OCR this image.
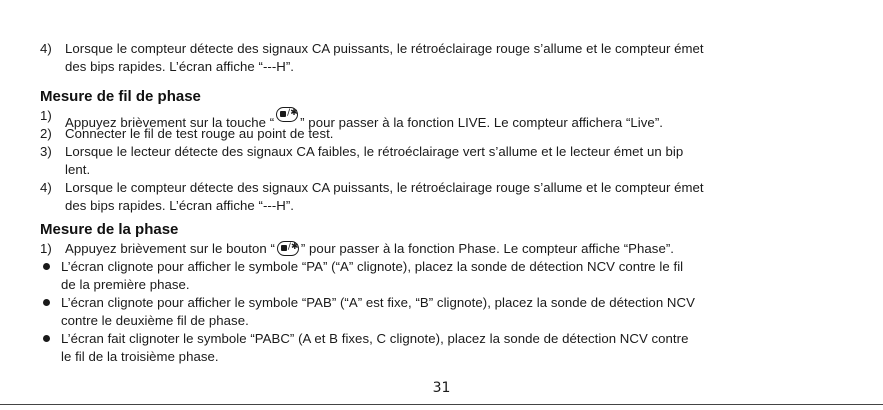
4) Lorsque le compteur détecte des signaux CA puissants, le rétroéclairage rouge s’allume et le compteur émet
des bips rapides. L’écran affiche “---H”.
Mesure de fil de phase
1) Appuyez brièvement sur la touche “
/✱
” pour passer à la fonction LIVE. Le compteur affichera “Live”.
2) Connecter le fil de test rouge au point de test.
3) Lorsque le lecteur détecte des signaux CA faibles, le rétroéclairage vert s’allume et le lecteur émet un bip
lent.
4) Lorsque le compteur détecte des signaux CA puissants, le rétroéclairage rouge s’allume et le compteur émet
des bips rapides. L’écran affiche “---H”.
Mesure de la phase
1) Appuyez brièvement sur le bouton “ /✱ ” pour passer à la fonction Phase. Le compteur affiche “Phase”.
L’écran clignote pour afficher le symbole “PA” (“A” clignote), placez la sonde de détection NCV contre le fil
de la première phase.
L’écran clignote pour afficher le symbole “PAB” (“A” est fixe, “B” clignote), placez la sonde de détection NCV
contre le deuxième fil de phase.
L’écran fait clignoter le symbole “PABC” (A et B fixes, C clignote), placez la sonde de détection NCV contre
le fil de la troisième phase.
31
